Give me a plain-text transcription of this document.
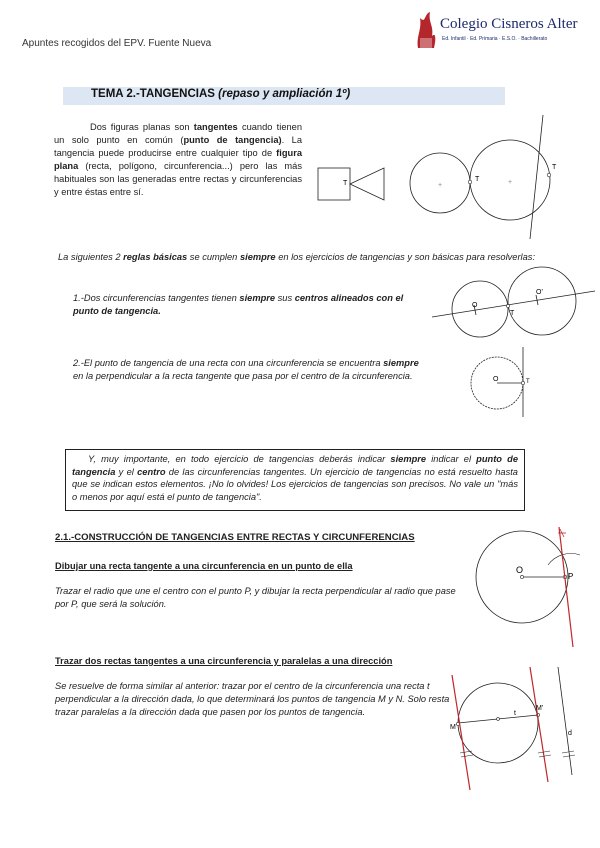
Apuntes recogidos del EPV. Fuente Nueva
Colegio Cisneros Alter
Ed. Infantil · Ed. Primaria · E.S.O. · Bachillerato
TEMA 2.-TANGENCIAS (repaso y ampliación 1º)

Dos figuras planas son tangentes cuando tienen un solo punto en común (punto de tangencia). La tangencia puede producirse entre cualquier tipo de figura plana (recta, polígono, circunferencia...) pero las más habituales son las generadas entre rectas y circunferencias y entre éstas entre sí.

T	+	+
T
T

La siguientes 2 reglas básicas se cumplen siempre en los ejercicios de tangencias y son básicas para resolverlas:

1.-Dos circunferencias tangentes tienen siempre sus centros alineados con el punto de tangencia.

O
O'
T

2.-El punto de tangencia de una recta con una circunferencia se encuentra siempre en la perpendicular a la recta tangente que pasa por el centro de la circunferencia.	O	T
Y, muy importante, en todo ejercicio de tangencias deberás indicar siempre indicar el punto de tangencia y el centro de las circunferencias tangentes. Un ejercicio de tangencias no está resuelto hasta que se indican estos elementos. ¡No lo olvides! Los ejercicios de tangencias son precisos. No vale un "más o menos por aquí está el punto de tangencia".
2.1.-CONSTRUCCIÓN DE TANGENCIAS ENTRE RECTAS Y CIRCUNFERENCIAS
Dibujar una recta tangente a una circunferencia en un punto de ella

Trazar el radio que une el centro con el punto P, y dibujar la recta perpendicular al radio que pase por P, que será la solución.

O
P
Trazar dos rectas tangentes a una circunferencia y paralelas a una dirección

Se resuelve de forma similar al anterior: trazar por el centro de la circunferencia una recta t perpendicular a la dirección dada, lo que determinará los puntos de tangencia M y N. Solo resta trazar paralelas a la dirección dada que pasen por los puntos de tangencia.

M
t
M'
d
